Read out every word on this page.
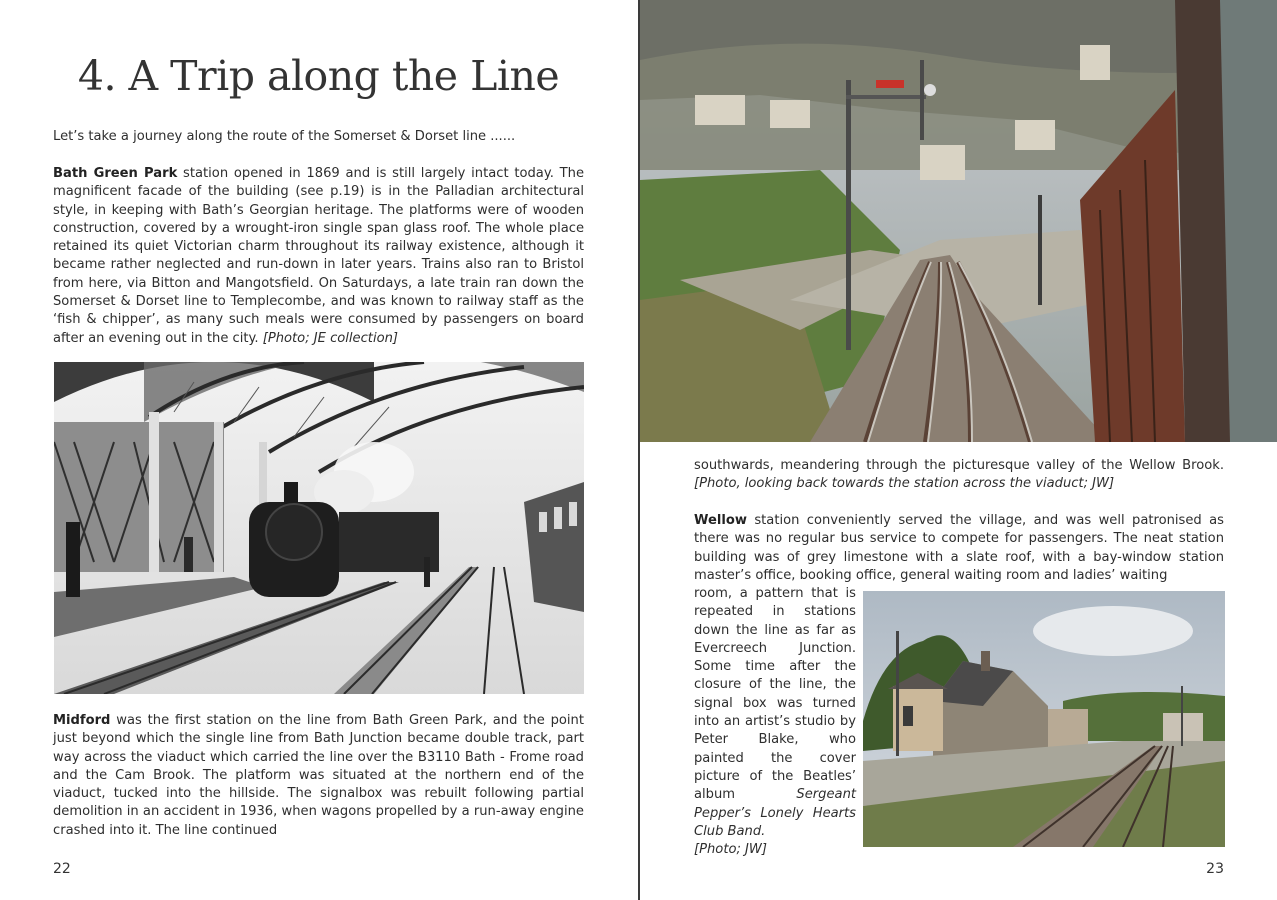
4. A Trip along the Line

Let’s take a journey along the route of the Somerset & Dorset line ......

Bath Green Park station opened in 1869 and is still largely intact today. The magnificent facade of the building (see p.19) is in the Palladian architectural style, in keeping with Bath’s Georgian heritage. The platforms were of wooden construction, covered by a wrought-iron single span glass roof. The whole place retained its quiet Victorian charm throughout its railway existence, although it became rather neglected and run-down in later years. Trains also ran to Bristol from here, via Bitton and Mangotsfield. On Saturdays, a late train ran down the Somerset & Dorset line to Templecombe, and was known to railway staff as the ‘fish & chipper’, as many such meals were consumed by passengers on board after an evening out in the city. [Photo; JE collection]

Midford was the first station on the line from Bath Green Park, and the point just beyond which the single line from Bath Junction became double track, part way across the viaduct which carried the line over the B3110 Bath - Frome road and the Cam Brook. The platform was situated at the northern end of the viaduct, tucked into the hillside. The signalbox was rebuilt following partial demolition in an accident in 1936, when wagons propelled by a run-away engine crashed into it. The line continued

22

southwards, meandering through the picturesque valley of the Wellow Brook. [Photo, looking back towards the station across the viaduct; JW]

Wellow station conveniently served the village, and was well patronised as there was no regular bus service to compete for passengers. The neat station building was of grey limestone with a slate roof, with a bay-window station master’s office, booking office, general waiting room and ladies’ waiting

room, a pattern that is repeated in stations down the line as far as Evercreech Junction. Some time after the closure of the line, the signal box was turned into an artist’s studio by Peter Blake, who painted the cover picture of the Beatles’ album Sergeant Pepper’s Lonely Hearts Club Band.
[Photo; JW]

23
